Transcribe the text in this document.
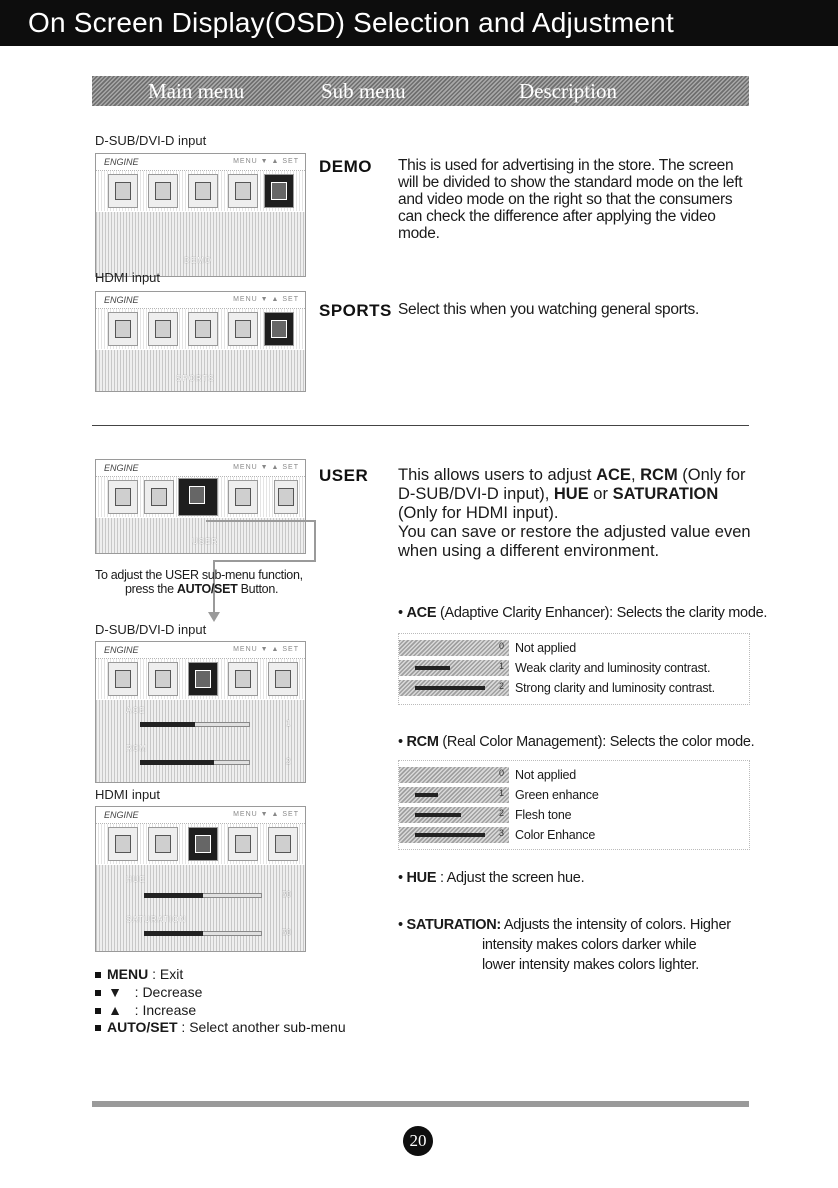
On Screen Display(OSD) Selection and Adjustment
Main menu	Sub menu	Description
D-SUB/DVI-D input
ENGINE	MENU ▼ ▲ SET
DEMO
DEMO This is used for advertising in the store. The screen will be divided to show the standard mode on the left and video mode on the right so that the consumers can check the difference after applying the video mode.
HDMI input
ENGINE	MENU ▼ ▲ SET
SPORTS
SPORTS Select this when you watching general sports.
ENGINE	MENU ▼ ▲ SET
USER
To adjust the USER sub-menu function,
press the AUTO/SET Button.
D-SUB/DVI-D input
ENGINE	MENU ▼ ▲ SET
ACE
1
RCM
2
HDMI input
ENGINE	MENU ▼ ▲ SET
HUE
50
SATURATION
50
MENU : Exit
▼   : Decrease
▲   : Increase
AUTO/SET : Select another sub-menu
USER This allows users to adjust ACE, RCM (Only for
D-SUB/DVI-D input), HUE or SATURATION
(Only for HDMI input).
You can save or restore the adjusted value even
when using a different environment.
• ACE (Adaptive Clarity Enhancer): Selects the clarity mode.
0 Not applied
1 Weak clarity and luminosity contrast.
2 Strong clarity and luminosity contrast.
• RCM (Real Color Management): Selects the color mode.
0 Not applied
1 Green enhance
2 Flesh tone
3 Color Enhance
• HUE : Adjust the screen hue.
• SATURATION: Adjusts the intensity of colors. Higher
intensity makes colors darker while
lower intensity makes colors lighter.
20
